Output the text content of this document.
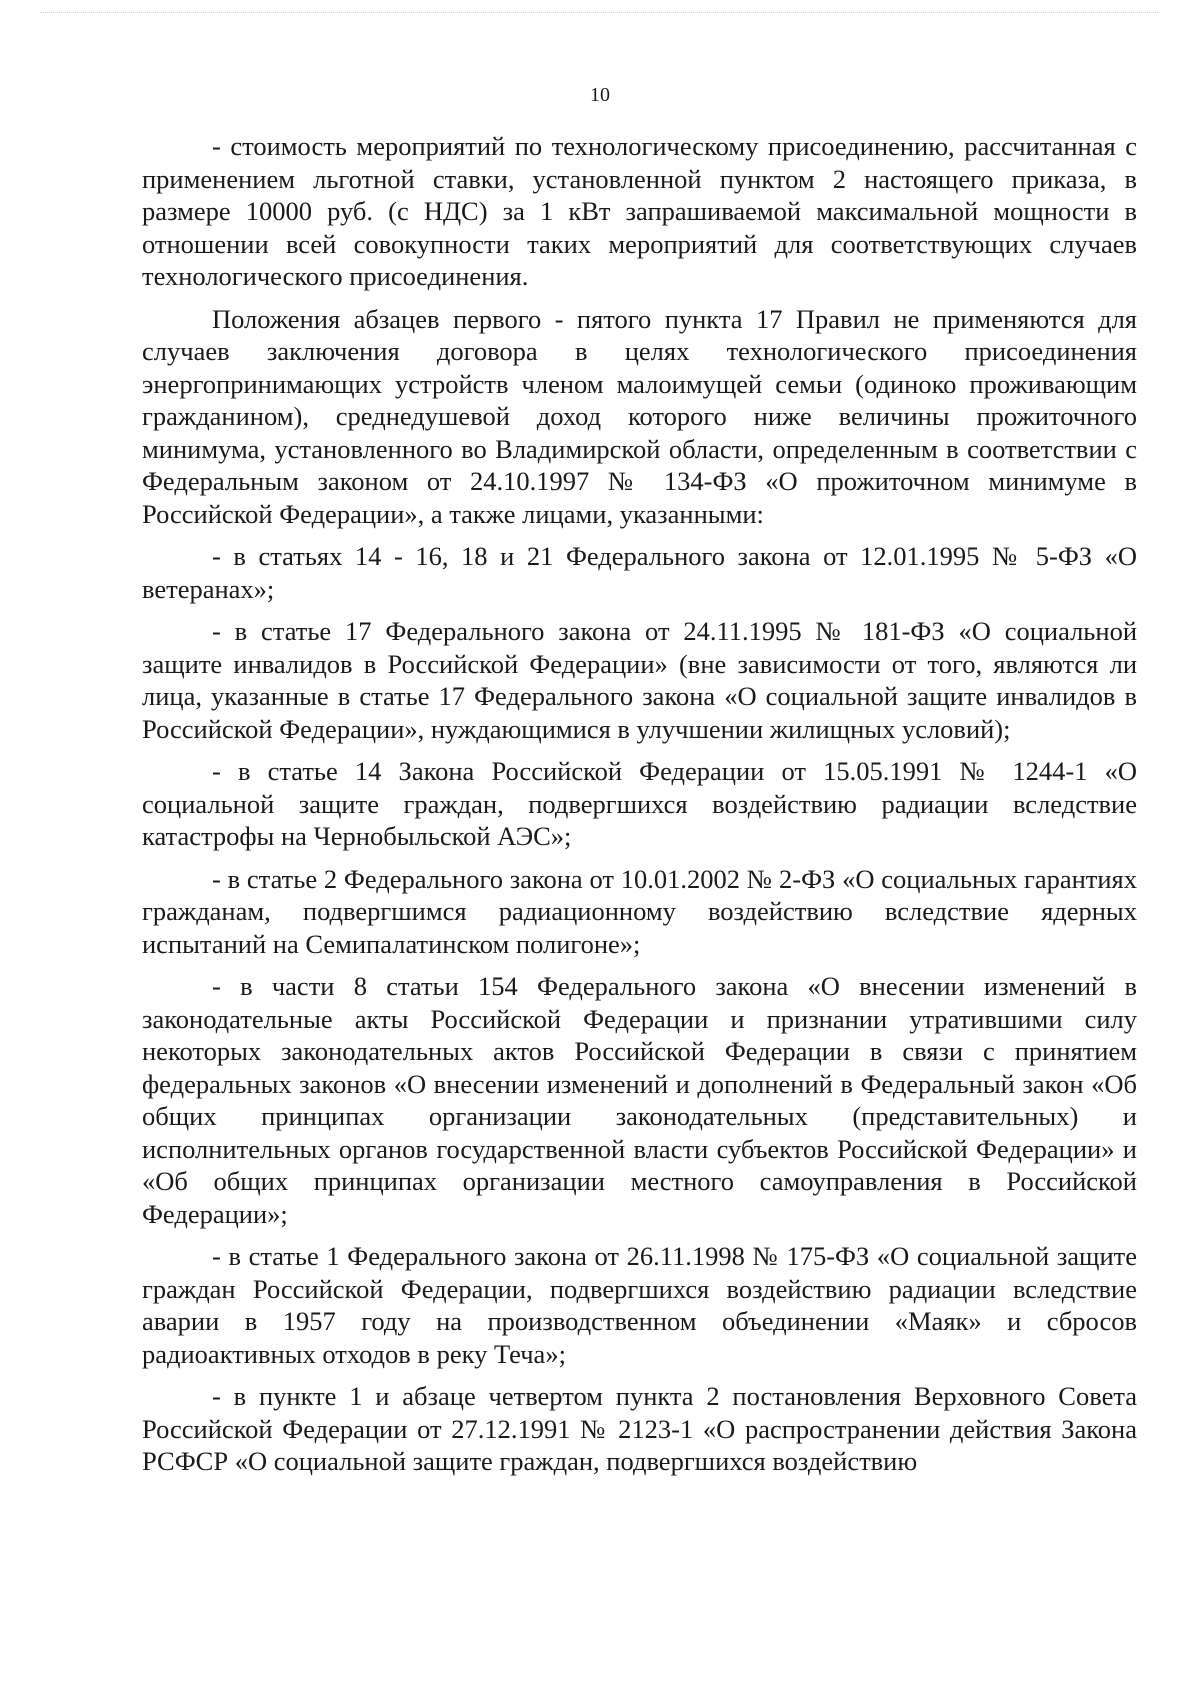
10

- стоимость мероприятий по технологическому присоединению, рассчитанная с применением льготной ставки, установленной пунктом 2 настоящего приказа, в размере 10000 руб. (с НДС) за 1 кВт запрашиваемой максимальной мощности в отношении всей совокупности таких мероприятий для соответствующих случаев технологического присоединения.

Положения абзацев первого - пятого пункта 17 Правил не применяются для случаев заключения договора в целях технологического присоединения энергопринимающих устройств членом малоимущей семьи (одиноко проживающим гражданином), среднедушевой доход которого ниже величины прожиточного минимума, установленного во Владимирской области, определенным в соответствии с Федеральным законом от 24.10.1997 № 134-ФЗ «О прожиточном минимуме в Российской Федерации», а также лицами, указанными:

- в статьях 14 - 16, 18 и 21 Федерального закона от 12.01.1995 № 5-ФЗ «О ветеранах»;

- в статье 17 Федерального закона от 24.11.1995 № 181-ФЗ «О социальной защите инвалидов в Российской Федерации» (вне зависимости от того, являются ли лица, указанные в статье 17 Федерального закона «О социальной защите инвалидов в Российской Федерации», нуждающимися в улучшении жилищных условий);

- в статье 14 Закона Российской Федерации от 15.05.1991 № 1244-1 «О социальной защите граждан, подвергшихся воздействию радиации вследствие катастрофы на Чернобыльской АЭС»;

- в статье 2 Федерального закона от 10.01.2002 № 2-ФЗ «О социальных гарантиях гражданам, подвергшимся радиационному воздействию вследствие ядерных испытаний на Семипалатинском полигоне»;

- в части 8 статьи 154 Федерального закона «О внесении изменений в законодательные акты Российской Федерации и признании утратившими силу некоторых законодательных актов Российской Федерации в связи с принятием федеральных законов «О внесении изменений и дополнений в Федеральный закон «Об общих принципах организации законодательных (представительных) и исполнительных органов государственной власти субъектов Российской Федерации» и «Об общих принципах организации местного самоуправления в Российской Федерации»;

- в статье 1 Федерального закона от 26.11.1998 № 175-ФЗ «О социальной защите граждан Российской Федерации, подвергшихся воздействию радиации вследствие аварии в 1957 году на производственном объединении «Маяк» и сбросов радиоактивных отходов в реку Теча»;

- в пункте 1 и абзаце четвертом пункта 2 постановления Верховного Совета Российской Федерации от 27.12.1991 № 2123-1 «О распространении действия Закона РСФСР «О социальной защите граждан, подвергшихся воздействию
